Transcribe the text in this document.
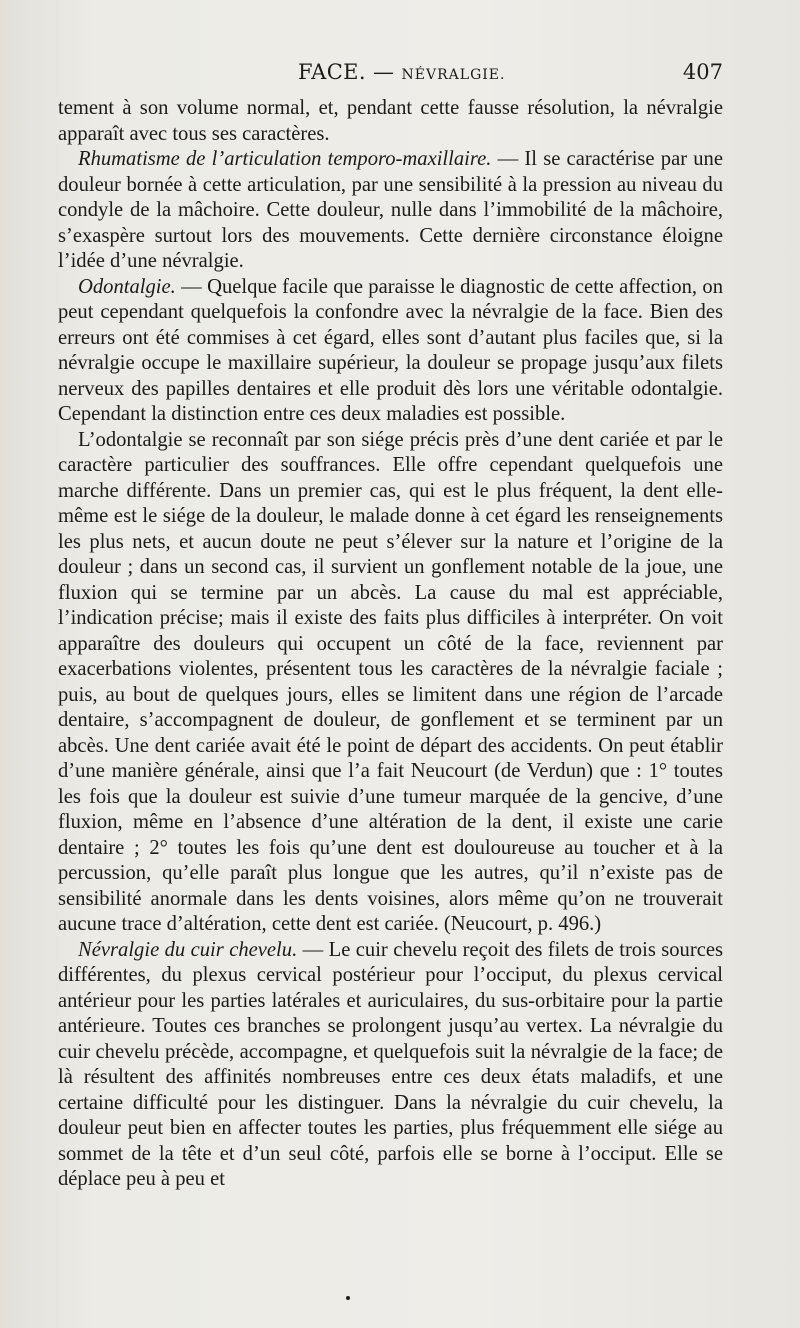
FACE. — NÉVRALGIE.	407

tement à son volume normal, et, pendant cette fausse résolution, la névralgie apparaît avec tous ses caractères.

Rhumatisme de l’articulation temporo-maxillaire. — Il se caractérise par une douleur bornée à cette articulation, par une sensibilité à la pression au niveau du condyle de la mâchoire. Cette douleur, nulle dans l’immobilité de la mâchoire, s’exaspère surtout lors des mouvements. Cette dernière circonstance éloigne l’idée d’une névralgie.

Odontalgie. — Quelque facile que paraisse le diagnostic de cette affection, on peut cependant quelquefois la confondre avec la névralgie de la face. Bien des erreurs ont été commises à cet égard, elles sont d’autant plus faciles que, si la névralgie occupe le maxillaire supérieur, la douleur se propage jusqu’aux filets nerveux des papilles dentaires et elle produit dès lors une véritable odontalgie. Cependant la distinction entre ces deux maladies est possible.

L’odontalgie se reconnaît par son siége précis près d’une dent cariée et par le caractère particulier des souffrances. Elle offre cependant quelquefois une marche différente. Dans un premier cas, qui est le plus fréquent, la dent elle-même est le siége de la douleur, le malade donne à cet égard les renseignements les plus nets, et aucun doute ne peut s’élever sur la nature et l’origine de la douleur ; dans un second cas, il survient un gonflement notable de la joue, une fluxion qui se termine par un abcès. La cause du mal est appréciable, l’indication précise; mais il existe des faits plus difficiles à interpréter. On voit apparaître des douleurs qui occupent un côté de la face, reviennent par exacerbations violentes, présentent tous les caractères de la névralgie faciale ; puis, au bout de quelques jours, elles se limitent dans une région de l’arcade dentaire, s’accompagnent de douleur, de gonflement et se terminent par un abcès. Une dent cariée avait été le point de départ des accidents. On peut établir d’une manière générale, ainsi que l’a fait Neucourt (de Verdun) que : 1° toutes les fois que la douleur est suivie d’une tumeur marquée de la gencive, d’une fluxion, même en l’absence d’une altération de la dent, il existe une carie dentaire ; 2° toutes les fois qu’une dent est douloureuse au toucher et à la percussion, qu’elle paraît plus longue que les autres, qu’il n’existe pas de sensibilité anormale dans les dents voisines, alors même qu’on ne trouverait aucune trace d’altération, cette dent est cariée. (Neucourt, p. 496.)

Névralgie du cuir chevelu. — Le cuir chevelu reçoit des filets de trois sources différentes, du plexus cervical postérieur pour l’occiput, du plexus cervical antérieur pour les parties latérales et auriculaires, du sus-orbitaire pour la partie antérieure. Toutes ces branches se prolongent jusqu’au vertex. La névralgie du cuir chevelu précède, accompagne, et quelquefois suit la névralgie de la face; de là résultent des affinités nombreuses entre ces deux états maladifs, et une certaine difficulté pour les distinguer. Dans la névralgie du cuir chevelu, la douleur peut bien en affecter toutes les parties, plus fréquemment elle siége au sommet de la tête et d’un seul côté, parfois elle se borne à l’occiput. Elle se déplace peu à peu et
